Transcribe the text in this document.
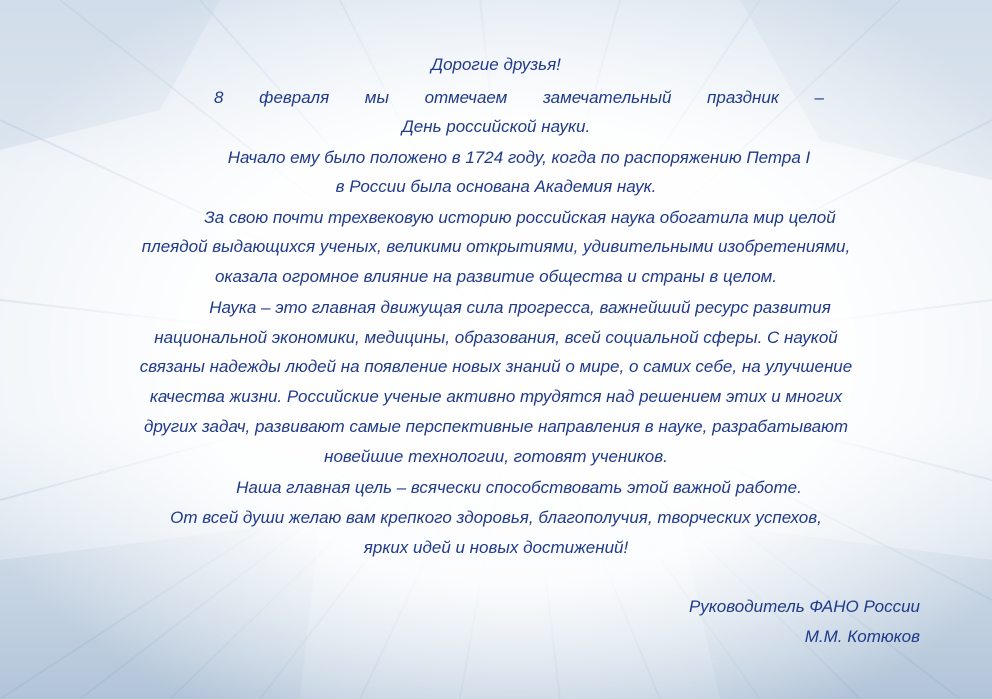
Дорогие друзья!

8 февраля мы отмечаем замечательный праздник –

День российской науки.

Начало ему было положено в 1724 году, когда по распоряжению Петра I

в России была основана Академия наук.

За свою почти трехвековую историю российская наука обогатила мир целой

плеядой выдающихся ученых, великими открытиями, удивительными изобретениями,

оказала огромное влияние на развитие общества и страны в целом.

Наука – это главная движущая сила прогресса, важнейший ресурс развития

национальной экономики, медицины, образования, всей социальной сферы. С наукой

связаны надежды людей на появление новых знаний о мире, о самих себе, на улучшение

качества жизни. Российские ученые активно трудятся над решением этих и многих

других задач, развивают самые перспективные направления в науке, разрабатывают

новейшие технологии, готовят учеников.

Наша главная цель – всячески способствовать этой важной работе.

От всей души желаю вам крепкого здоровья, благополучия, творческих успехов,

ярких идей и новых достижений!

Руководитель ФАНО России

М.М. Котюков
